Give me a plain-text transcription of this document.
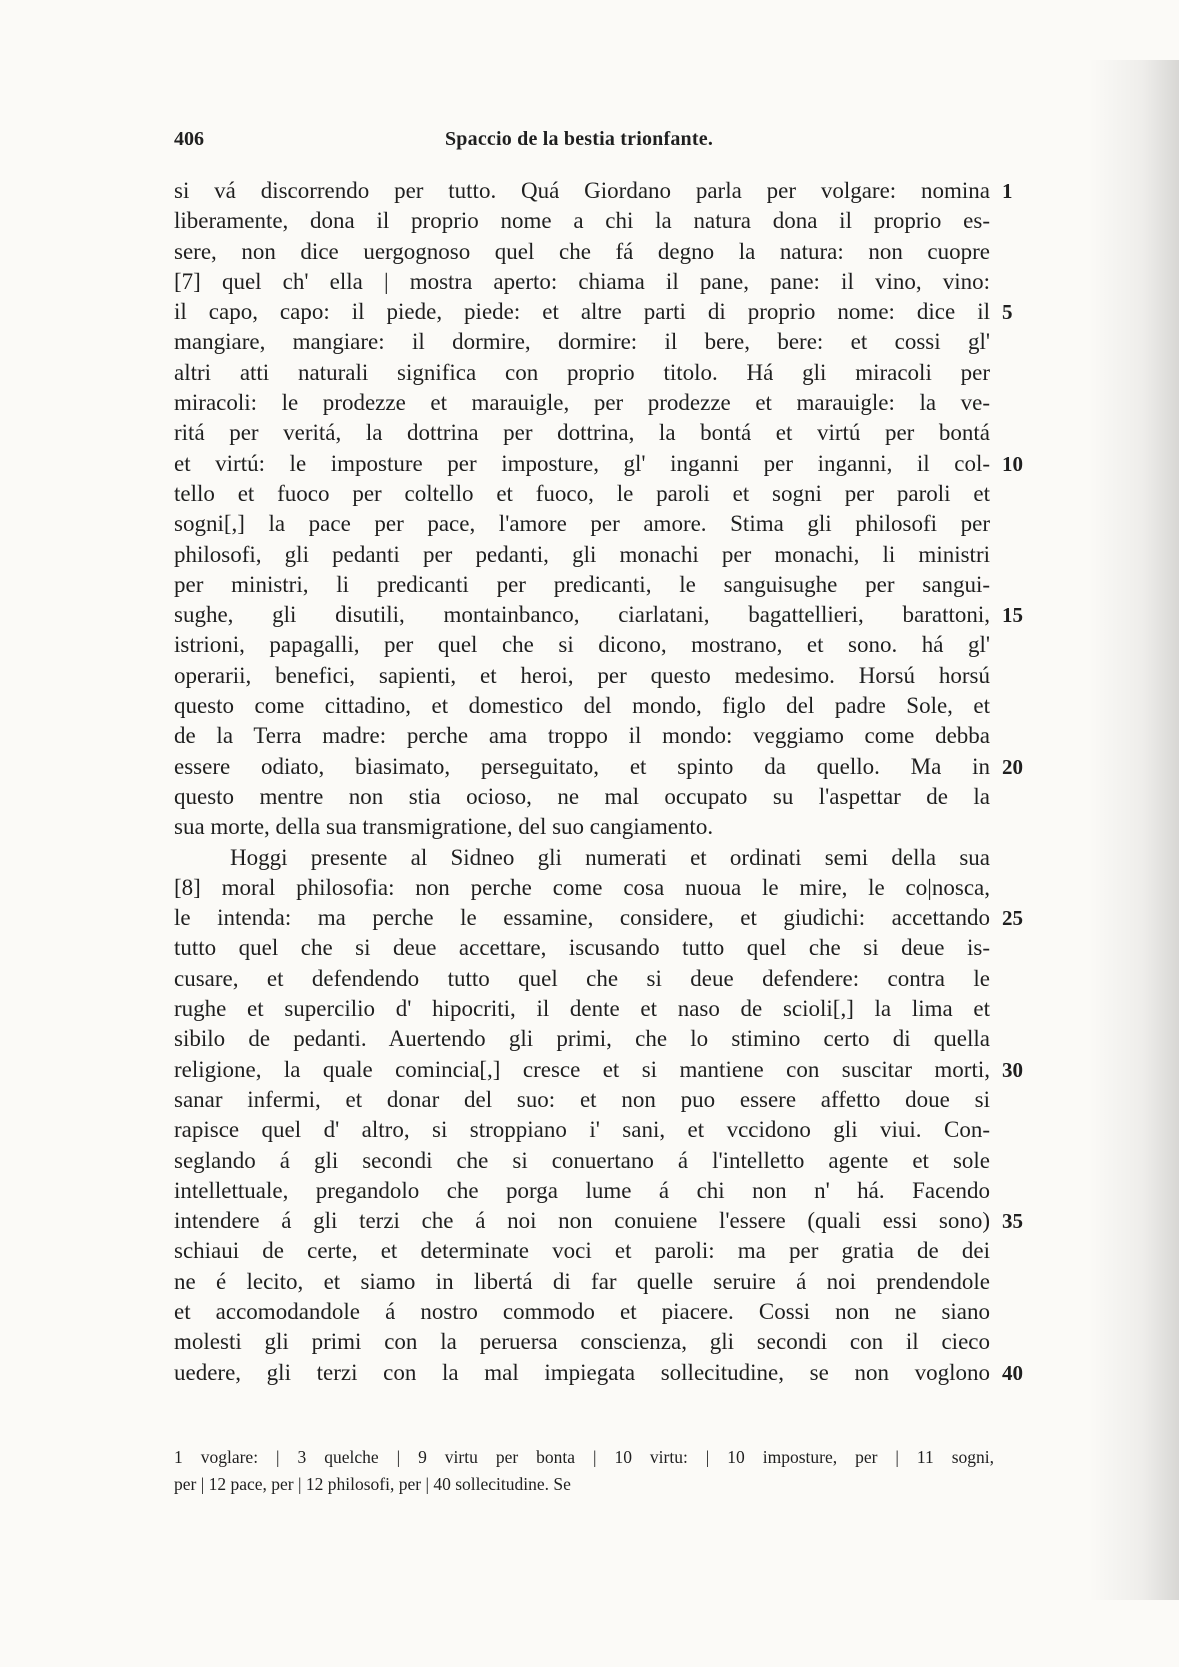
406	Spaccio de la bestia trionfante.
si vá discorrendo per tutto. Quá Giordano parla per volgare: nomina 1
liberamente, dona il proprio nome a chi la natura dona il proprio es-
sere, non dice uergognoso quel che fá degno la natura: non cuopre
[7] quel ch' ella | mostra aperto: chiama il pane, pane: il vino, vino:
il capo, capo: il piede, piede: et altre parti di proprio nome: dice il 5
mangiare, mangiare: il dormire, dormire: il bere, bere: et cossi gl'
altri atti naturali significa con proprio titolo. Há gli miracoli per
miracoli: le prodezze et marauigle, per prodezze et marauigle: la ve-
ritá per veritá, la dottrina per dottrina, la bontá et virtú per bontá
et virtú: le imposture per imposture, gl' inganni per inganni, il col- 10
tello et fuoco per coltello et fuoco, le paroli et sogni per paroli et
sogni[,] la pace per pace, l'amore per amore. Stima gli philosofi per
philosofi, gli pedanti per pedanti, gli monachi per monachi, li ministri
per ministri, li predicanti per predicanti, le sanguisughe per sangui-
sughe, gli disutili, montainbanco, ciarlatani, bagattellieri, barattoni, 15
istrioni, papagalli, per quel che si dicono, mostrano, et sono. há gl'
operarii, benefici, sapienti, et heroi, per questo medesimo. Horsú horsú
questo come cittadino, et domestico del mondo, figlo del padre Sole, et
de la Terra madre: perche ama troppo il mondo: veggiamo come debba
essere odiato, biasimato, perseguitato, et spinto da quello. Ma in 20
questo mentre non stia ocioso, ne mal occupato su l'aspettar de la
sua morte, della sua transmigratione, del suo cangiamento.
Hoggi presente al Sidneo gli numerati et ordinati semi della sua
[8] moral philosofia: non perche come cosa nuoua le mire, le co|nosca,
le intenda: ma perche le essamine, considere, et giudichi: accettando 25
tutto quel che si deue accettare, iscusando tutto quel che si deue is-
cusare, et defendendo tutto quel che si deue defendere: contra le
rughe et supercilio d' hipocriti, il dente et naso de scioli[,] la lima et
sibilo de pedanti. Auertendo gli primi, che lo stimino certo di quella
religione, la quale comincia[,] cresce et si mantiene con suscitar morti, 30
sanar infermi, et donar del suo: et non puo essere affetto doue si
rapisce quel d' altro, si stroppiano i' sani, et vccidono gli viui. Con-
seglando á gli secondi che si conuertano á l'intelletto agente et sole
intellettuale, pregandolo che porga lume á chi non n' há. Facendo
intendere á gli terzi che á noi non conuiene l'essere (quali essi sono) 35
schiaui de certe, et determinate voci et paroli: ma per gratia de dei
ne é lecito, et siamo in libertá di far quelle seruire á noi prendendole
et accomodandole á nostro commodo et piacere. Cossi non ne siano
molesti gli primi con la peruersa conscienza, gli secondi con il cieco
uedere, gli terzi con la mal impiegata sollecitudine, se non voglono 40
1 voglare: | 3 quelche | 9 virtu per bonta | 10 virtu: | 10 imposture, per | 11 sogni,
per | 12 pace, per | 12 philosofi, per | 40 sollecitudine. Se
